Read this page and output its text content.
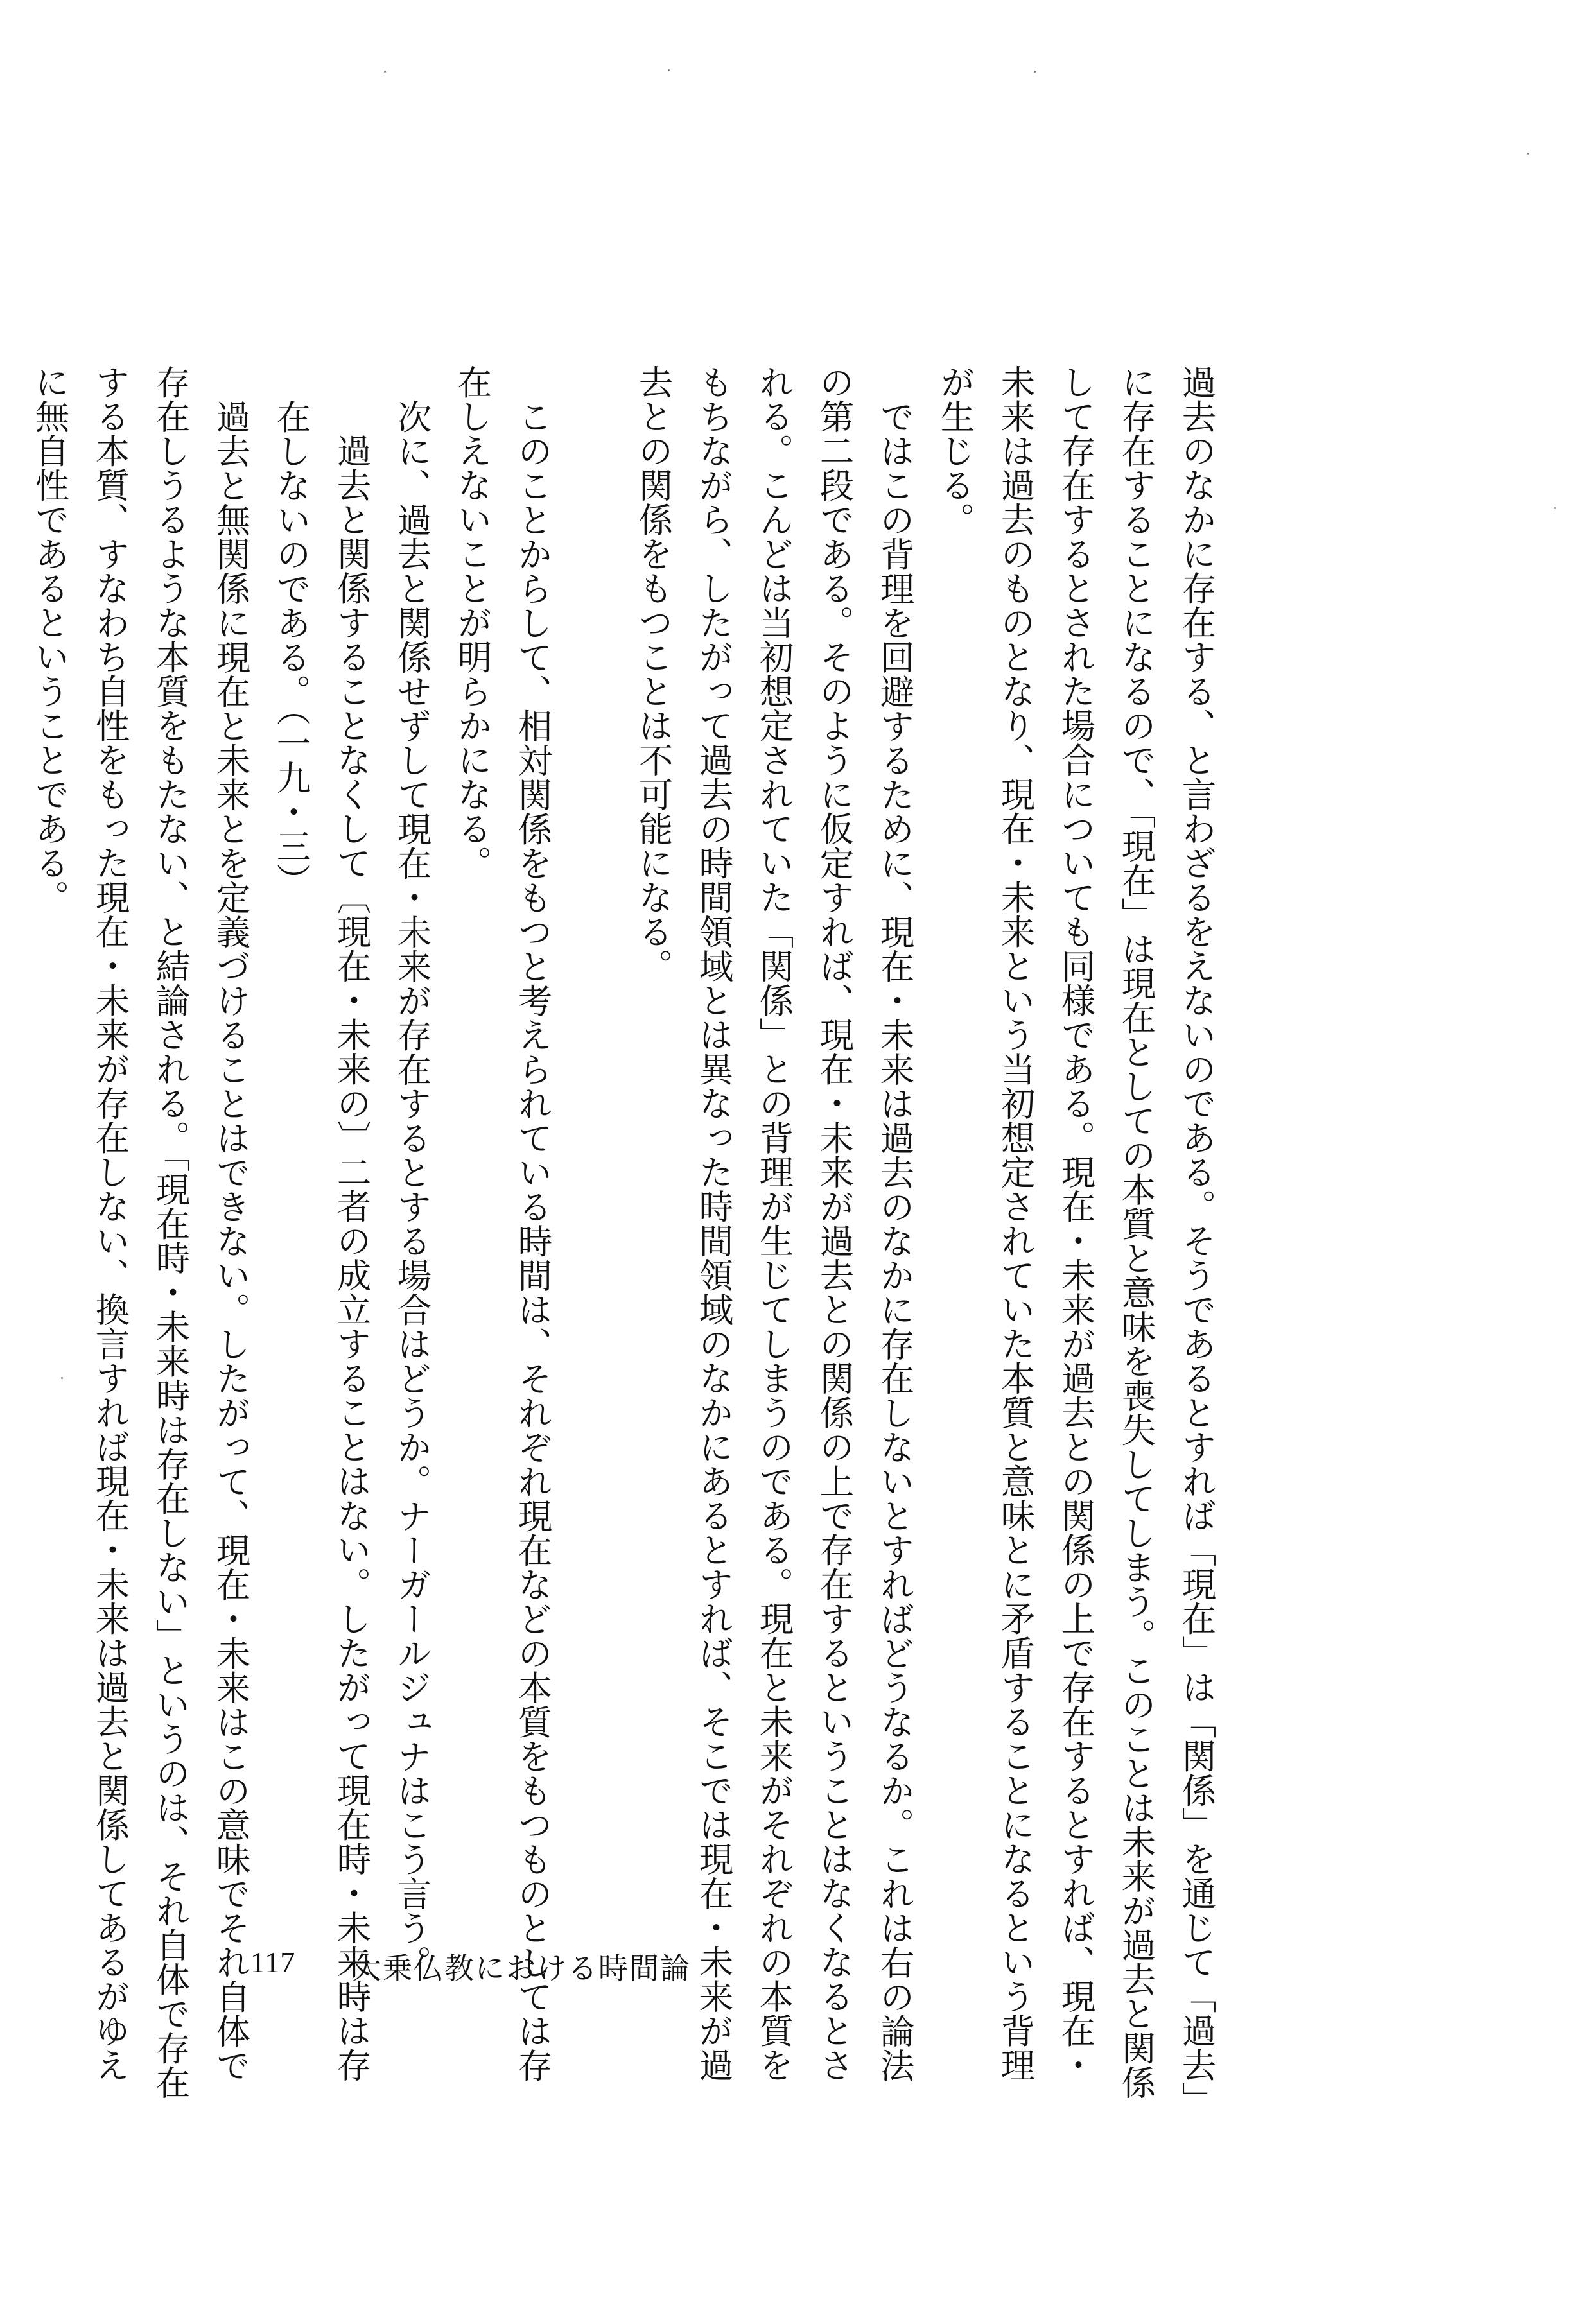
過去のなかに存在する、と言わざるをえないのである。そうであるとすれば「現在」は「関係」を通じて「過去」
に存在することになるので、「現在」は現在としての本質と意味を喪失してしまう。このことは未来が過去と関係
して存在するとされた場合についても同様である。現在・未来が過去との関係の上で存在するとすれば、現在・
未来は過去のものとなり、現在・未来という当初想定されていた本質と意味とに矛盾することになるという背理
が生じる。
ではこの背理を回避するために、現在・未来は過去のなかに存在しないとすればどうなるか。これは右の論法
の第二段である。そのように仮定すれば、現在・未来が過去との関係の上で存在するということはなくなるとさ
れる。こんどは当初想定されていた「関係」との背理が生じてしまうのである。現在と未来がそれぞれの本質を
もちながら、したがって過去の時間領域とは異なった時間領域のなかにあるとすれば、そこでは現在・未来が過
去との関係をもつことは不可能になる。
このことからして、相対関係をもつと考えられている時間は、それぞれ現在などの本質をもつものとしては存
在しえないことが明らかになる。
次に、過去と関係せずして現在・未来が存在するとする場合はどうか。ナーガールジュナはこう言う。
過去と関係することなくして〔現在・未来の〕二者の成立することはない。したがって現在時・未来時は存
在しないのである。（一九・三）
過去と無関係に現在と未来とを定義づけることはできない。したがって、現在・未来はこの意味でそれ自体で
存在しうるような本質をもたない、と結論される。「現在時・未来時は存在しない」というのは、それ自体で存在
する本質、すなわち自性をもった現在・未来が存在しない、換言すれば現在・未来は過去と関係してあるがゆえ
に無自性であるということである。
117 大乗仏教における時間論
